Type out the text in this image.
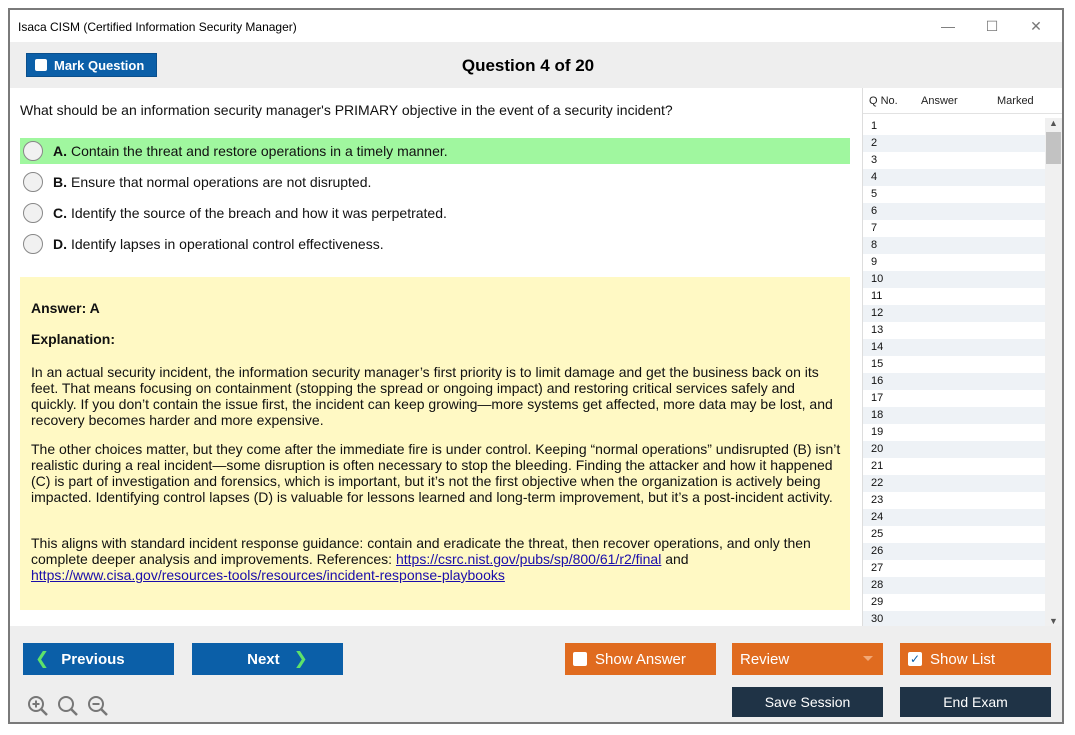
Isaca CISM (Certified Information Security Manager)	—	☐	✕
Mark Question	Question 4 of 20
What should be an information security manager's PRIMARY objective in the event of a security incident?
A. Contain the threat and restore operations in a timely manner.
B. Ensure that normal operations are not disrupted.
C. Identify the source of the breach and how it was perpetrated.
D. Identify lapses in operational control effectiveness.
Answer: A
Explanation:
In an actual security incident, the information security manager’s first priority is to limit damage and get the business back on its feet. That means focusing on containment (stopping the spread or ongoing impact) and restoring critical services safely and quickly. If you don’t contain the issue first, the incident can keep growing—more systems get affected, more data may be lost, and recovery becomes harder and more expensive.
The other choices matter, but they come after the immediate fire is under control. Keeping “normal operations” undisrupted (B) isn’t realistic during a real incident—some disruption is often necessary to stop the bleeding. Finding the attacker and how it happened (C) is part of investigation and forensics, which is important, but it’s not the first objective when the organization is actively being impacted. Identifying control lapses (D) is valuable for lessons learned and long-term improvement, but it’s a post-incident activity.
This aligns with standard incident response guidance: contain and eradicate the threat, then recover operations, and only then complete deeper analysis and improvements. References: https://csrc.nist.gov/pubs/sp/800/61/r2/final and https://www.cisa.gov/resources-tools/resources/incident-response-playbooks
Q No. Answer	Marked
1
2
3
4
5
6
7
8
9
10
11
12
13
14
15
16
17
18
19
20
21
22
23
24
25
26
27
28
29
30
▲
▼
❮ Previous	Next ❯	Show Answer	Review	✓ Show List
Save Session	End Exam
